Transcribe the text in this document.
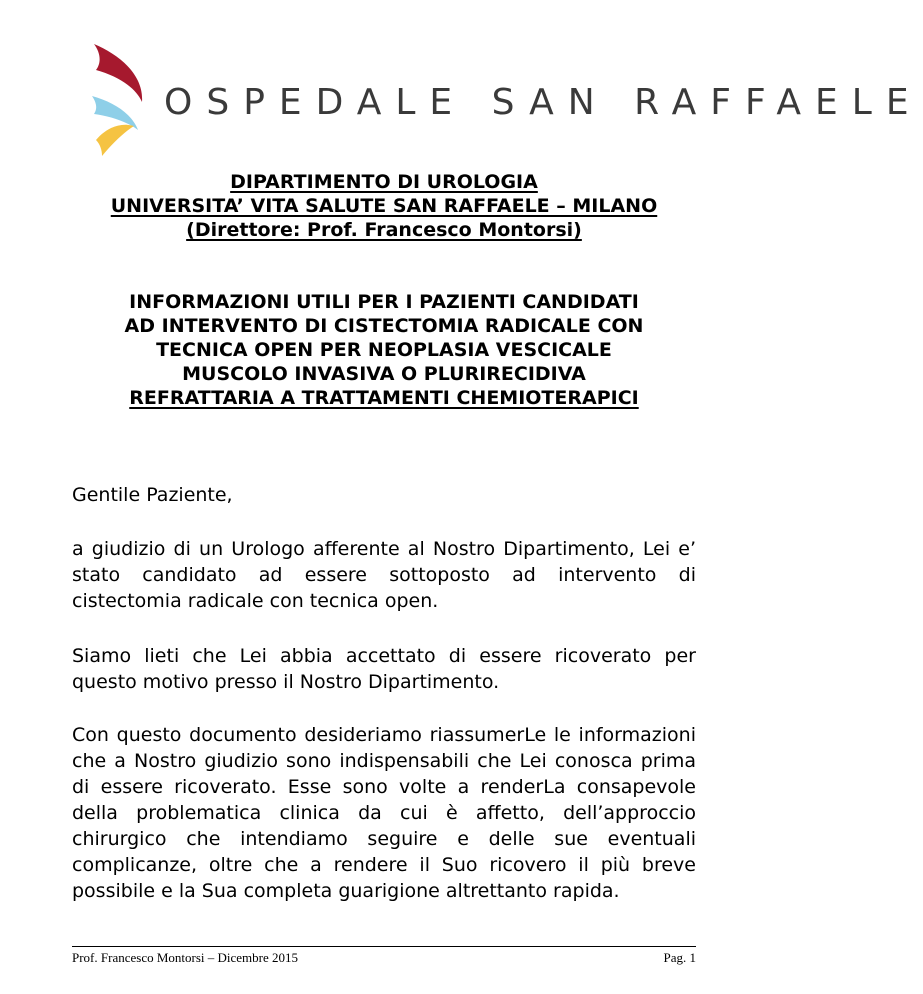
OSPEDALE SAN RAFFAELE
DIPARTIMENTO DI UROLOGIA
UNIVERSITA’ VITA SALUTE SAN RAFFAELE – MILANO
(Direttore: Prof. Francesco Montorsi)
INFORMAZIONI UTILI PER I PAZIENTI CANDIDATI
AD INTERVENTO DI CISTECTOMIA RADICALE CON
TECNICA OPEN PER NEOPLASIA VESCICALE
MUSCOLO INVASIVA O PLURIRECIDIVA
REFRATTARIA A TRATTAMENTI CHEMIOTERAPICI

Gentile Paziente,

a giudizio di un Urologo afferente al Nostro Dipartimento, Lei e’ stato candidato ad essere sottoposto ad intervento di cistectomia radicale con tecnica open.

Siamo lieti che Lei abbia accettato di essere ricoverato per questo motivo presso il Nostro Dipartimento.

Con questo documento desideriamo riassumerLe le informazioni che a Nostro giudizio sono indispensabili che Lei conosca prima di essere ricoverato. Esse sono volte a renderLa consapevole della problematica clinica da cui è affetto, dell’approccio chirurgico che intendiamo seguire e delle sue eventuali complicanze, oltre che a rendere il Suo ricovero il più breve possibile e la Sua completa guarigione altrettanto rapida.

Prof. Francesco Montorsi – Dicembre 2015	Pag. 1
